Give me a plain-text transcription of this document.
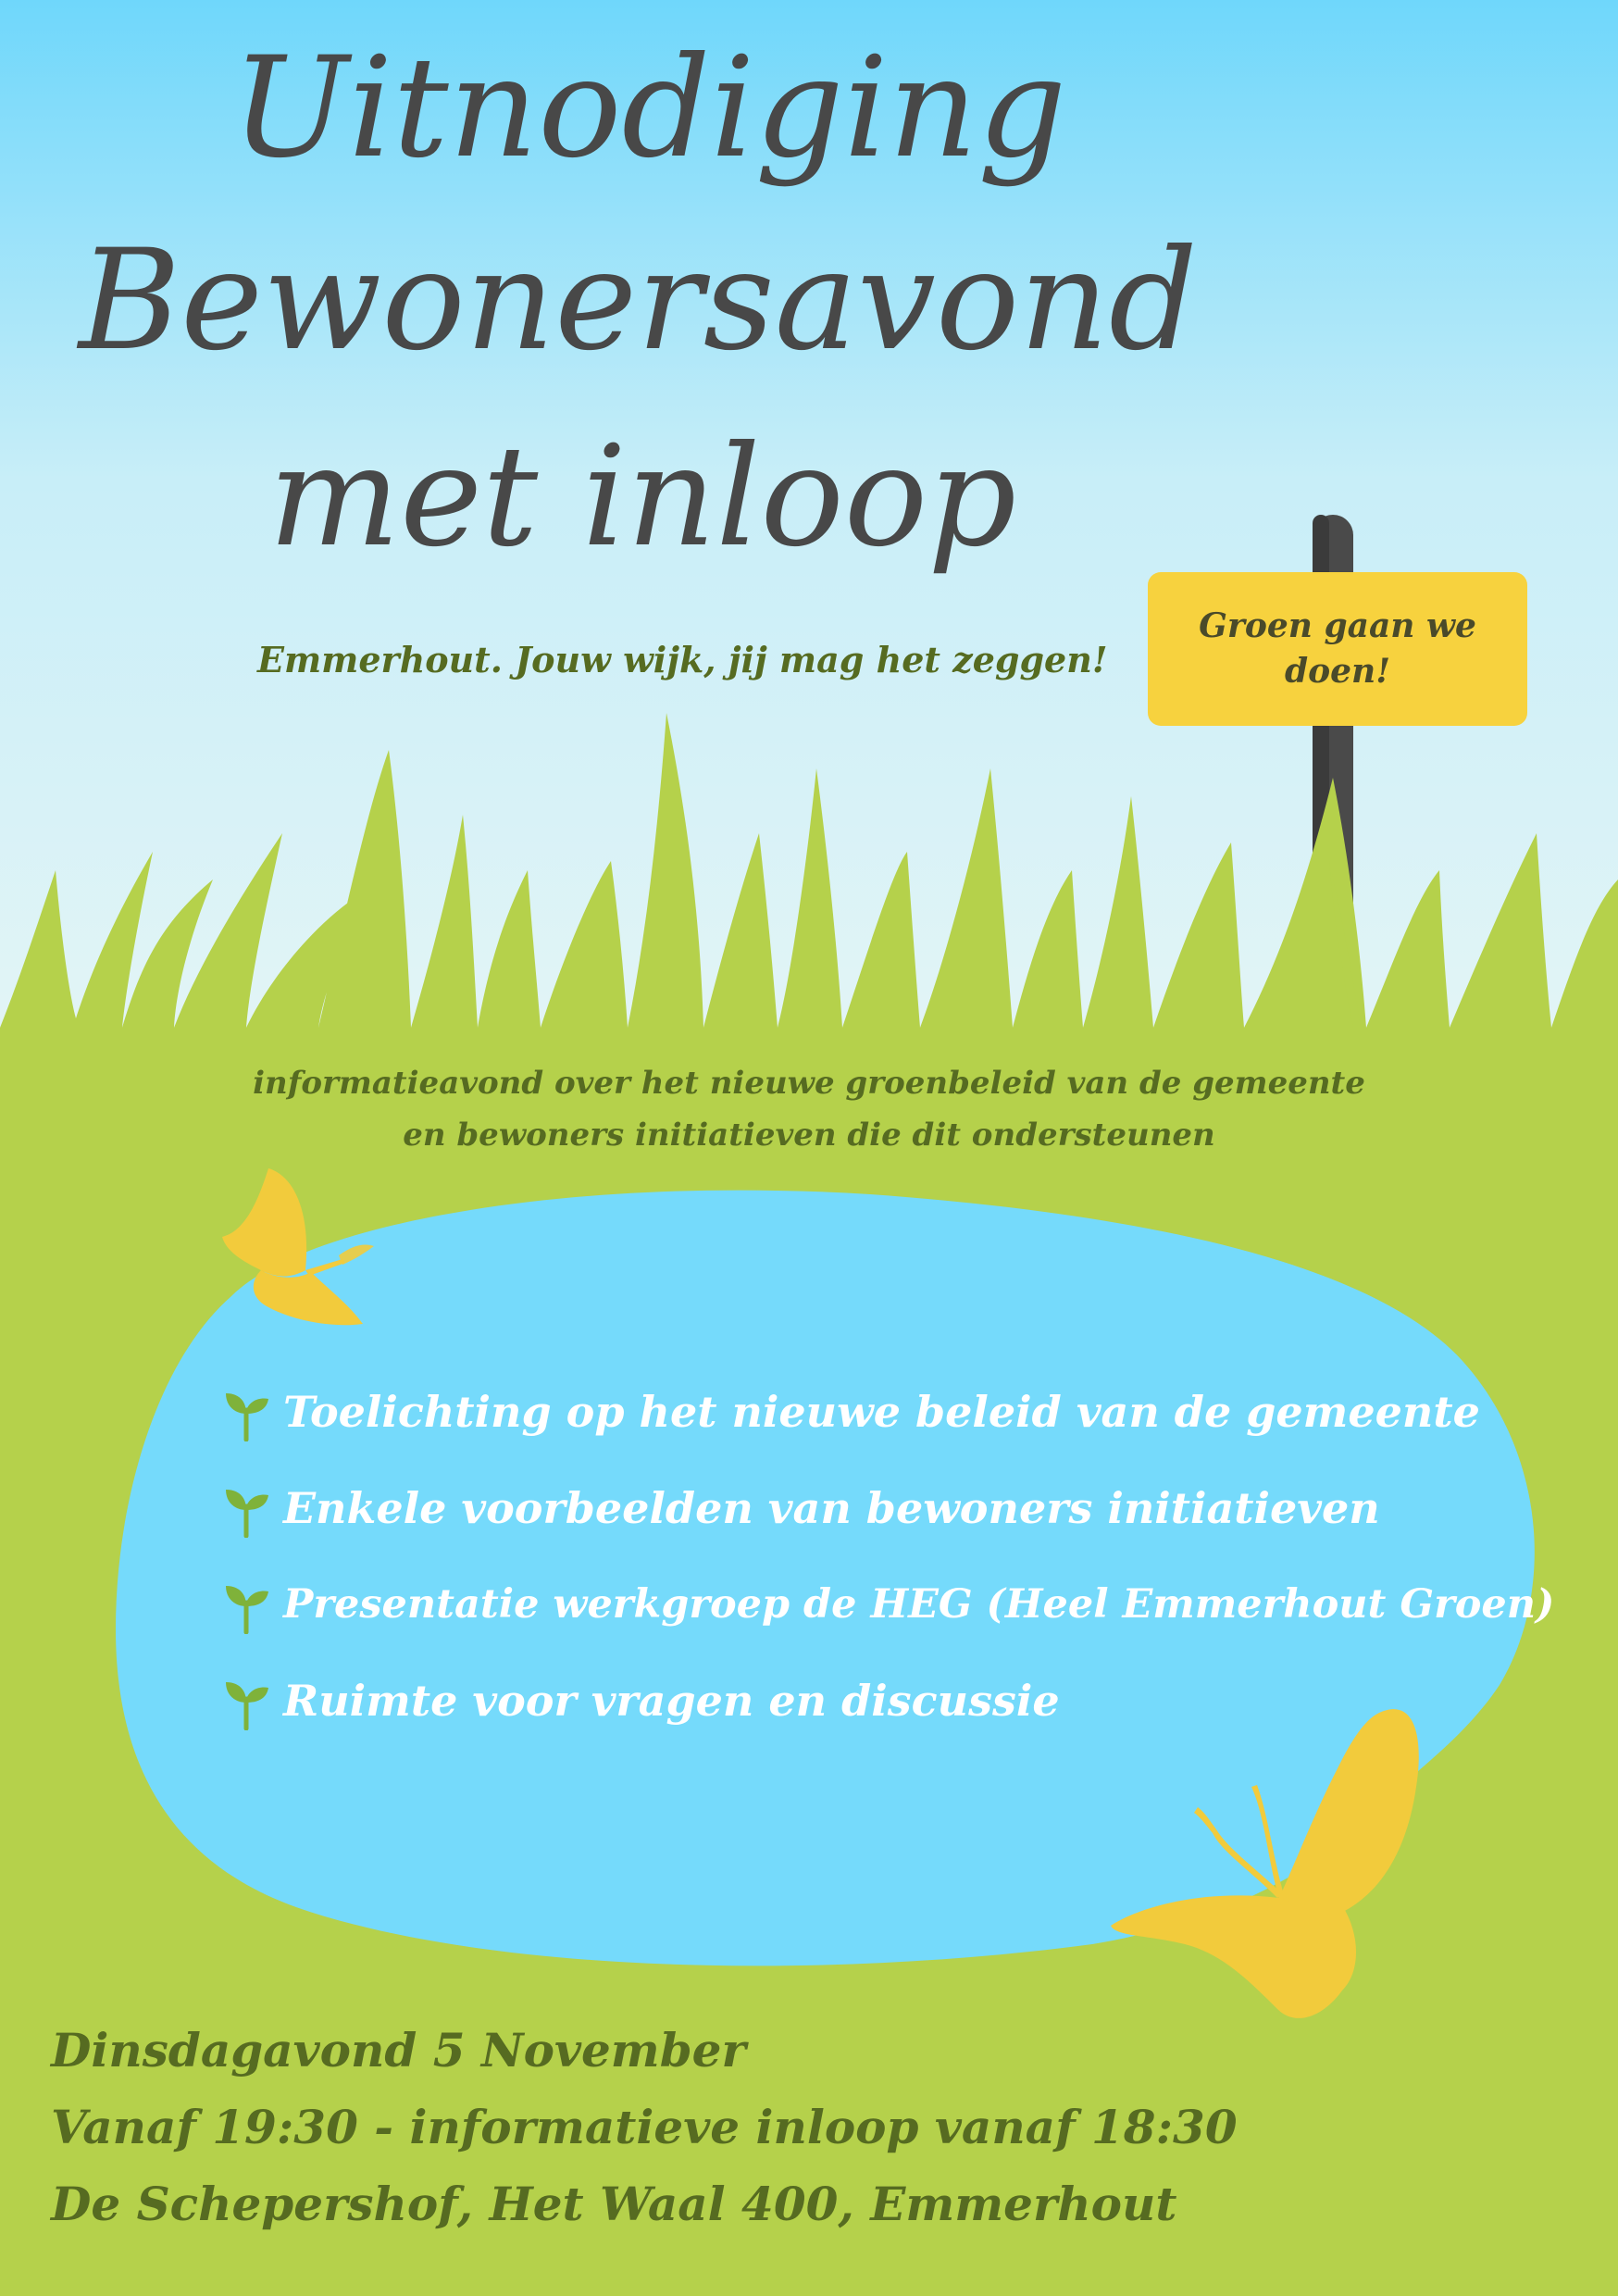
Uitnodiging
Bewonersavond
met inloop

Emmerhout. Jouw wijk, jij mag het zeggen!

Groen gaan we doen!

informatieavond over het nieuwe groenbeleid van de gemeente

en bewoners initiatieven die dit ondersteunen

Toelichting op het nieuwe beleid van de gemeente
Enkele voorbeelden van bewoners initiatieven
Presentatie werkgroep de HEG (Heel Emmerhout Groen)
Ruimte voor vragen en discussie

Dinsdagavond 5 November

Vanaf 19:30 - informatieve inloop vanaf 18:30

De Schepershof, Het Waal 400, Emmerhout
